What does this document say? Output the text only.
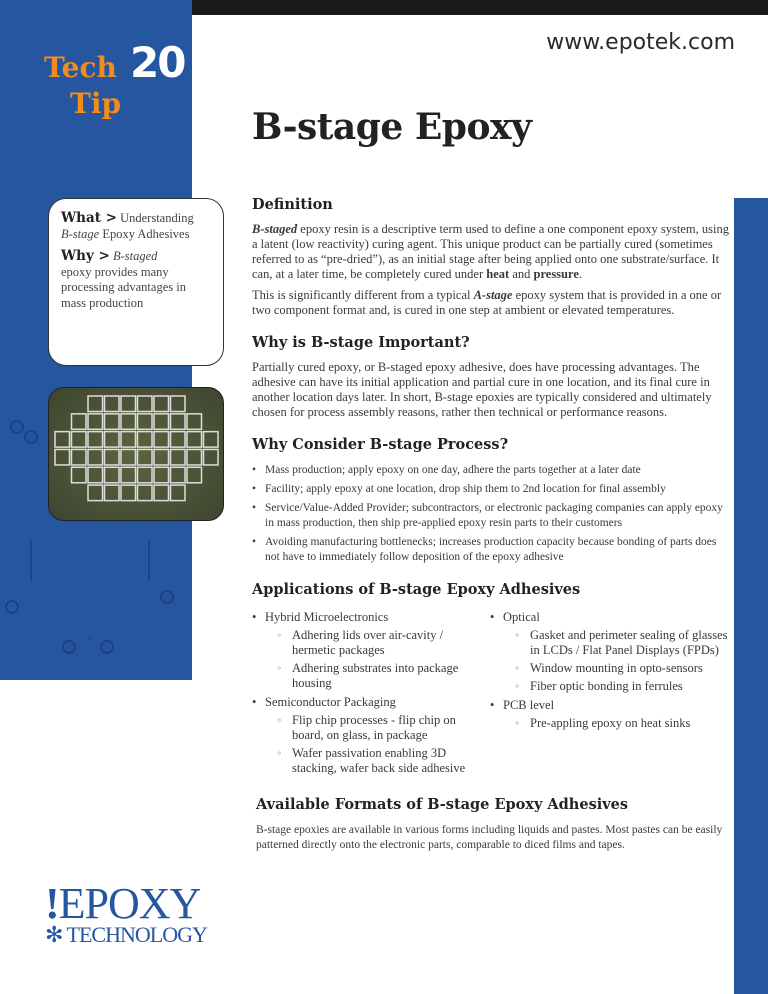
Tech 20
Tip
www.epotek.com
B-stage Epoxy
What > Understanding
B-stage Epoxy Adhesives
Why > B-staged
epoxy provides many processing advantages in mass production
Definition

B-staged epoxy resin is a descriptive term used to define a one component epoxy system, using a latent (low reactivity) curing agent. This unique product can be partially cured (sometimes referred to as “pre-dried”), as an initial stage after being applied onto one substrate/surface. It can, at a later time, be completely cured under heat and pressure.

This is significantly different from a typical A-stage epoxy system that is provided in a one or two component format and, is cured in one step at ambient or elevated temperatures.

Why is B-stage Important?

Partially cured epoxy, or B-staged epoxy adhesive, does have processing advantages. The adhesive can have its initial application and partial cure in one location, and its final cure in another location days later. In short, B-stage epoxies are typically considered and ultimately chosen for process assembly reasons, rather then technical or performance reasons.

Why Consider B-stage Process?
• Mass production; apply epoxy on one day, adhere the parts together at a later date
• Facility; apply epoxy at one location, drop ship them to 2nd location for final assembly
• Service/Value-Added Provider; subcontractors, or electronic packaging companies can apply epoxy in mass production, then ship pre-applied epoxy resin parts to their customers
• Avoiding manufacturing bottlenecks; increases production capacity because bonding of parts does not have to immediately follow deposition of the epoxy adhesive
Applications of B-stage Epoxy Adhesives
• Hybrid Microelectronics
◦ Adhering lids over air-cavity / hermetic packages
◦ Adhering substrates into package housing
• Semiconductor Packaging
◦ Flip chip processes - flip chip on board, on glass, in package
◦ Wafer passivation enabling 3D stacking, wafer back side adhesive
• Optical
◦ Gasket and perimeter sealing of glasses in LCDs / Flat Panel Displays (FPDs)
◦ Window mounting in opto-sensors
◦ Fiber optic bonding in ferrules
• PCB level
◦ Pre-appling epoxy on heat sinks
Available Formats of B-stage Epoxy Adhesives

B-stage epoxies are available in various forms including liquids and pastes. Most pastes can be easily patterned directly onto the electronic parts, comparable to diced films and tapes.

!EPOXY
✻ TECHNOLOGY
